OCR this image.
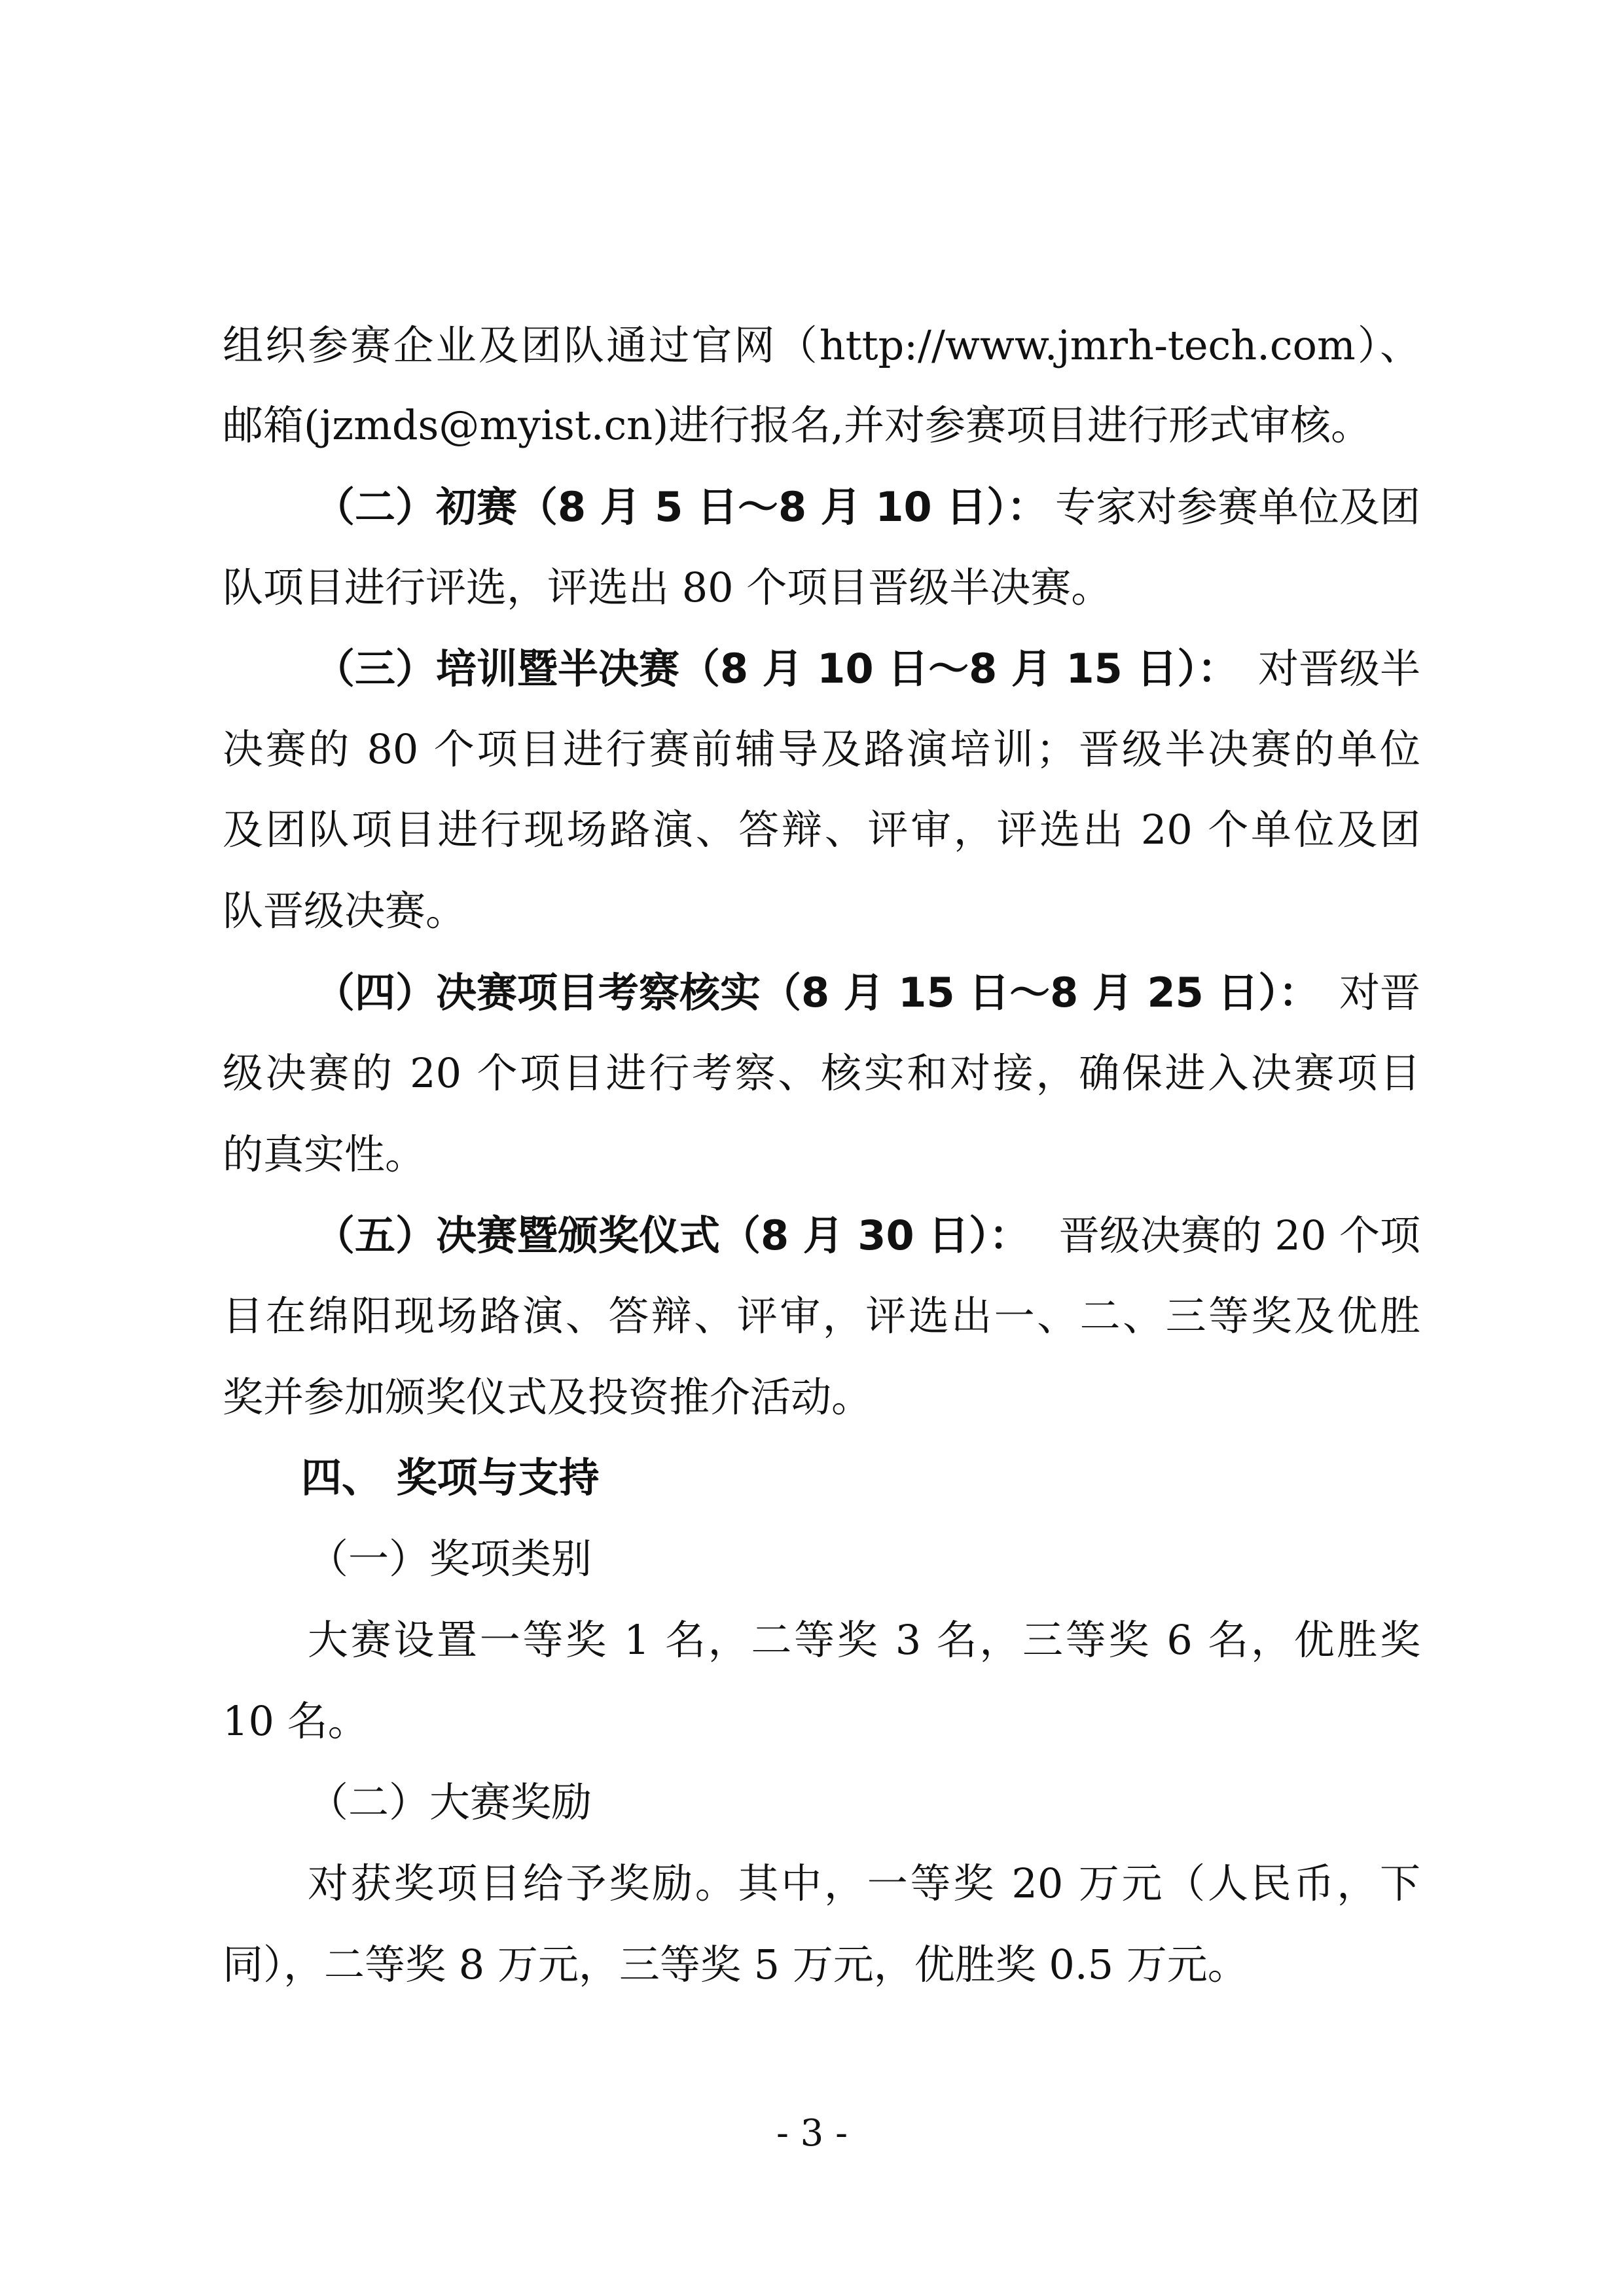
组织参赛企业及团队通过官网（http://www.jmrh-tech.com）、
邮箱(jzmds@myist.cn)进行报名,并对参赛项目进行形式审核。
（二）初赛（8 月 5 日～8 月 10 日）： 专家对参赛单位及团
队项目进行评选，评选出 80 个项目晋级半决赛。
（三）培训暨半决赛（8 月 10 日～8 月 15 日）： 对晋级半
决赛的 80 个项目进行赛前辅导及路演培训；晋级半决赛的单位
及团队项目进行现场路演、答辩、评审，评选出 20 个单位及团
队晋级决赛。
（四）决赛项目考察核实（8 月 15 日～8 月 25 日）： 对晋
级决赛的 20 个项目进行考察、核实和对接，确保进入决赛项目
的真实性。
（五）决赛暨颁奖仪式（8 月 30 日）： 晋级决赛的 20 个项
目在绵阳现场路演、答辩、评审，评选出一、二、三等奖及优胜
奖并参加颁奖仪式及投资推介活动。
四、 奖项与支持
（一）奖项类别
大赛设置一等奖 1 名，二等奖 3 名，三等奖 6 名，优胜奖
10 名。
（二）大赛奖励
对获奖项目给予奖励。其中，一等奖 20 万元（人民币，下
同），二等奖 8 万元，三等奖 5 万元，优胜奖 0.5 万元。
- 3 -
